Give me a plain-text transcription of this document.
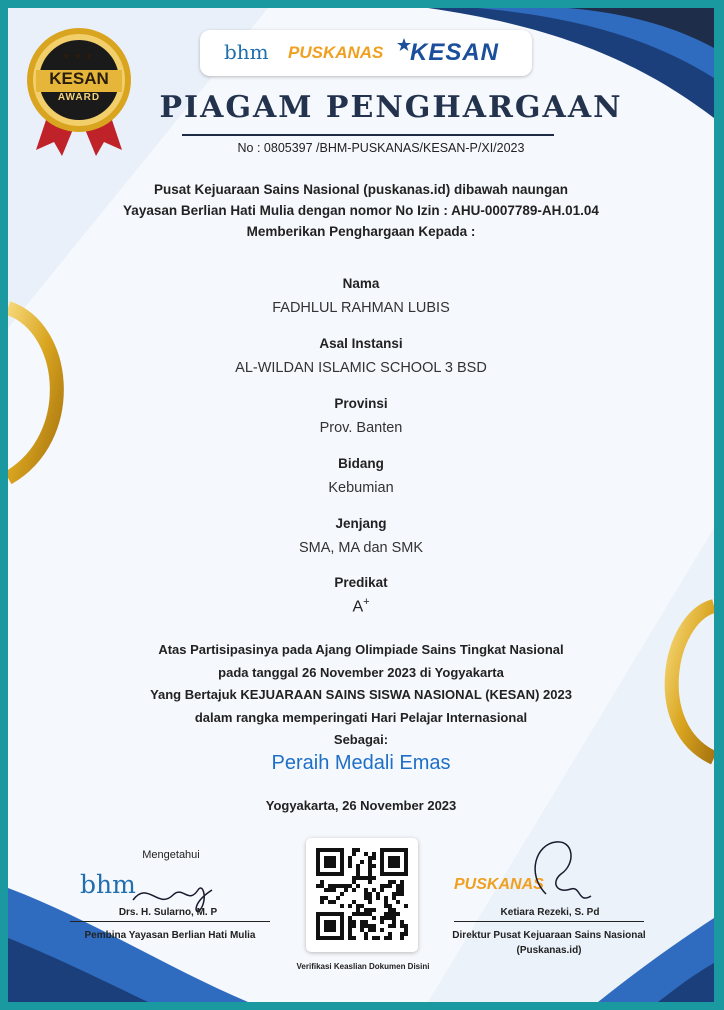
★★★
KESAN
AWARD
bhm PUSKANAS KESAN
PIAGAM PENGHARGAAN
No : 0805397 /BHM-PUSKANAS/KESAN-P/XI/2023
Pusat Kejuaraan Sains Nasional (puskanas.id) dibawah naungan
Yayasan Berlian Hati Mulia dengan nomor No Izin : AHU-0007789-AH.01.04
Memberikan Penghargaan Kepada :
Nama
FADHLUL RAHMAN LUBIS
Asal Instansi
AL-WILDAN ISLAMIC SCHOOL 3 BSD
Provinsi
Prov. Banten
Bidang
Kebumian
Jenjang
SMA, MA dan SMK
Predikat
A+
Atas Partisipasinya pada Ajang Olimpiade Sains Tingkat Nasional
pada tanggal 26 November 2023 di Yogyakarta
Yang Bertajuk KEJUARAAN SAINS SISWA NASIONAL (KESAN) 2023
dalam rangka memperingati Hari Pelajar Internasional
Sebagai:
Peraih Medali Emas
Yogyakarta, 26 November 2023
Mengetahui
bhm
Drs. H. Sularno, M. P
Pembina Yayasan Berlian Hati Mulia
Verifikasi Keaslian Dokumen Disini
PUSKANAS
Ketiara Rezeki, S. Pd
Direktur Pusat Kejuaraan Sains Nasional
(Puskanas.id)
